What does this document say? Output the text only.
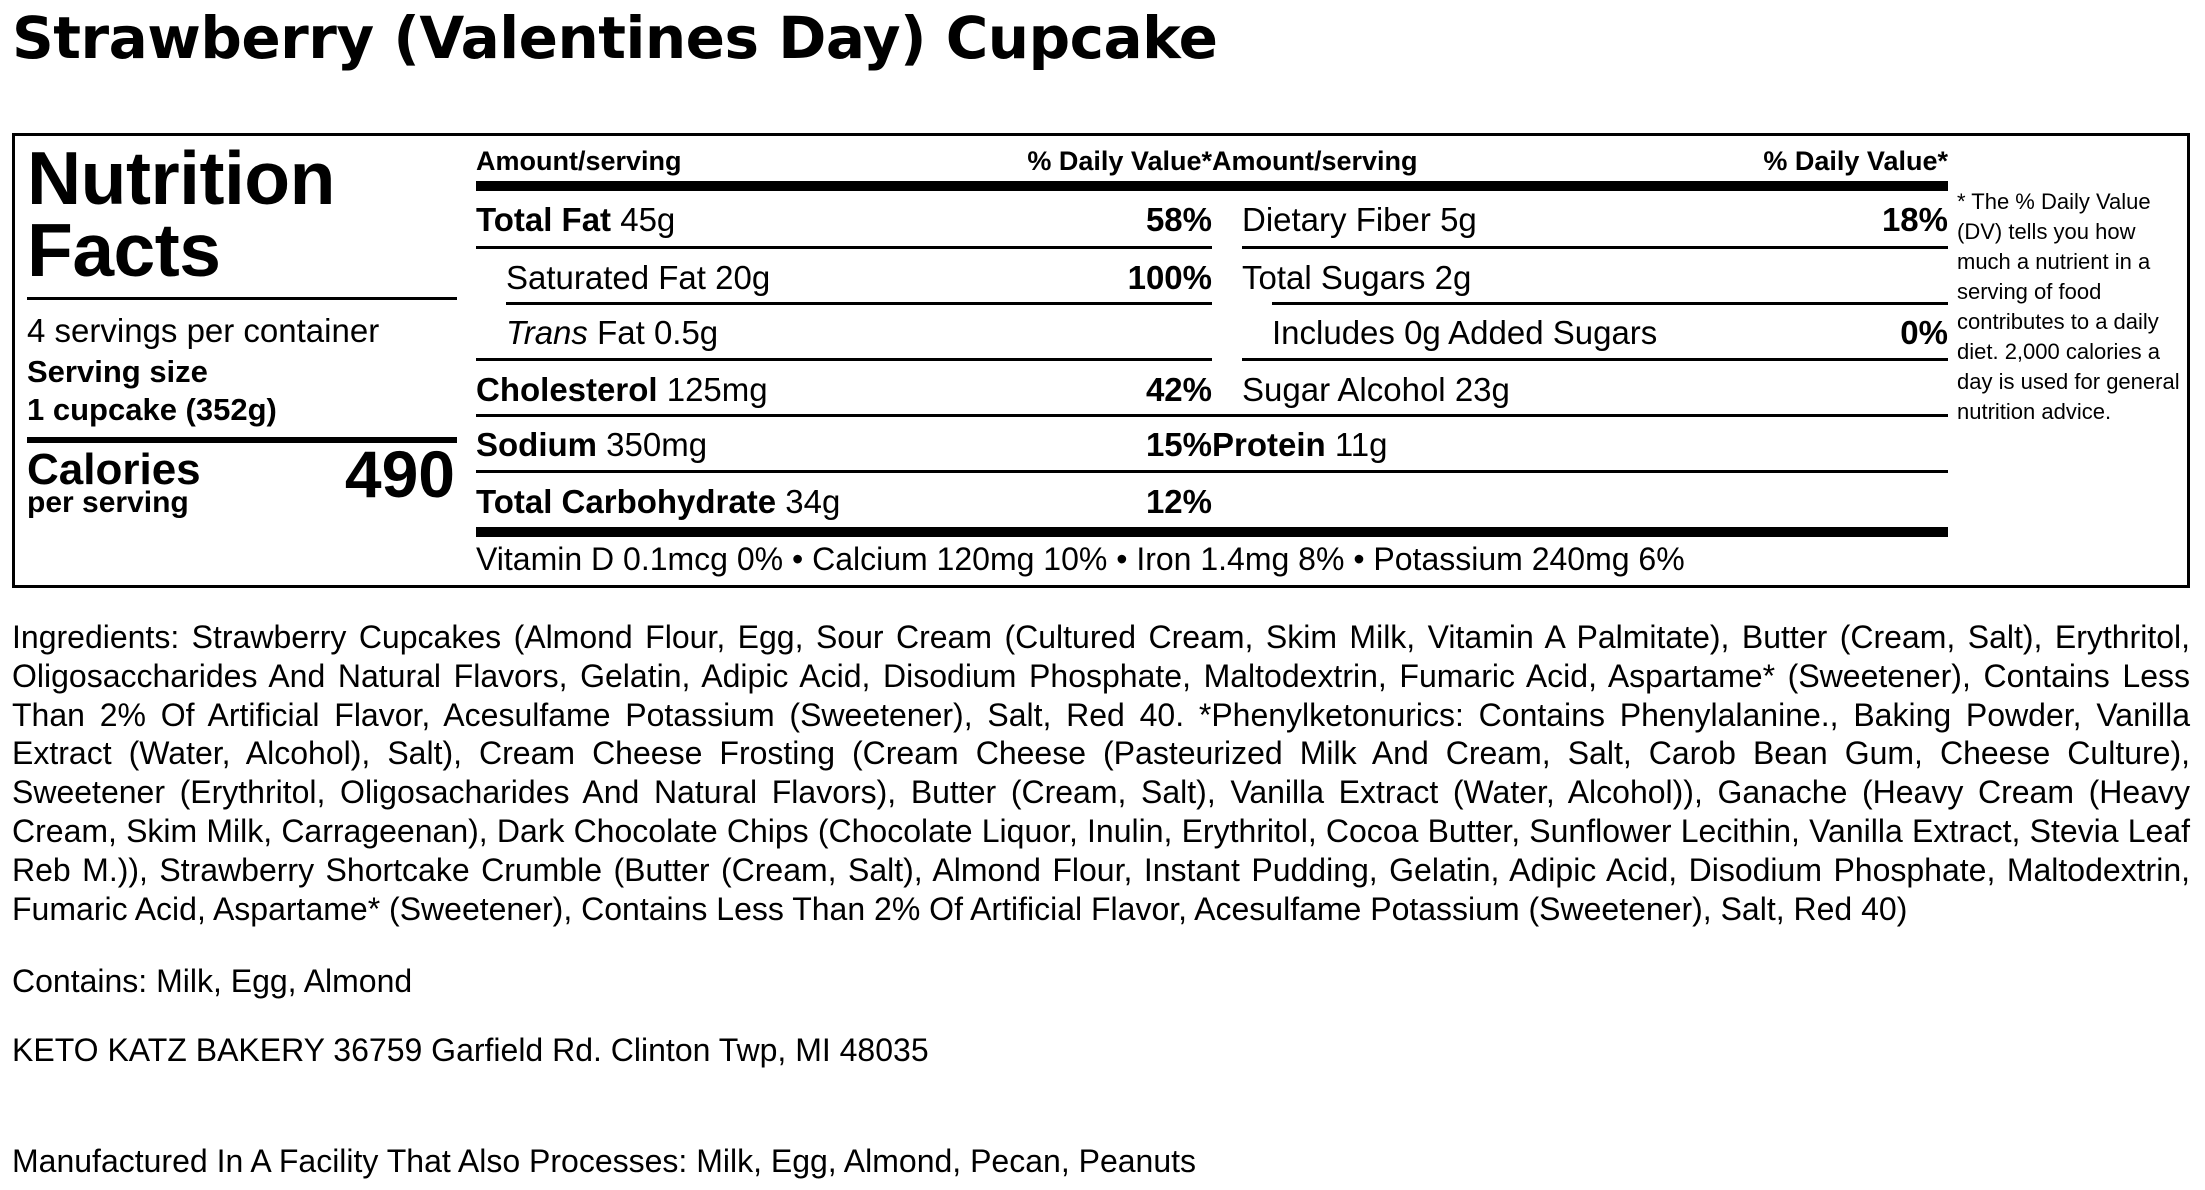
Strawberry (Valentines Day) Cupcake
Nutrition
Facts
4 servings per container
Serving size
1 cupcake (352g)
Calories
per serving	490
Amount/serving	% Daily Value*
Total Fat 45g	58%
Saturated Fat 20g	100%
Trans Fat 0.5g
Cholesterol 125mg	42%
Sodium 350mg	15%
Total Carbohydrate 34g	12%
Amount/serving	% Daily Value*
Dietary Fiber 5g	18%
Total Sugars 2g
Includes 0g Added Sugars	0%
Sugar Alcohol 23g
Protein 11g
* The % Daily Value (DV) tells you how much a nutrient in a serving of food contributes to a daily diet. 2,000 calories a day is used for general nutrition advice.
Vitamin D 0.1mcg 0% • Calcium 120mg 10% • Iron 1.4mg 8% • Potassium 240mg 6%
Ingredients: Strawberry Cupcakes (Almond Flour, Egg, Sour Cream (Cultured Cream, Skim Milk, Vitamin A Palmitate), Butter (Cream, Salt), Erythritol, Oligosaccharides And Natural Flavors, Gelatin, Adipic Acid, Disodium Phosphate, Maltodextrin, Fumaric Acid, Aspartame* (Sweetener), Contains Less Than 2% Of Artificial Flavor, Acesulfame Potassium (Sweetener), Salt, Red 40. *Phenylketonurics: Contains Phenylalanine., Baking Powder, Vanilla Extract (Water, Alcohol), Salt), Cream Cheese Frosting (Cream Cheese (Pasteurized Milk And Cream, Salt, Carob Bean Gum, Cheese Culture), Sweetener (Erythritol, Oligosacharides And Natural Flavors), Butter (Cream, Salt), Vanilla Extract (Water, Alcohol)), Ganache (Heavy Cream (Heavy Cream, Skim Milk, Carrageenan), Dark Chocolate Chips (Chocolate Liquor, Inulin, Erythritol, Cocoa Butter, Sunflower Lecithin, Vanilla Extract, Stevia Leaf Reb M.)), Strawberry Shortcake Crumble (Butter (Cream, Salt), Almond Flour, Instant Pudding, Gelatin, Adipic Acid, Disodium Phosphate, Maltodextrin, Fumaric Acid, Aspartame* (Sweetener), Contains Less Than 2% Of Artificial Flavor, Acesulfame Potassium (Sweetener), Salt, Red 40)
Contains: Milk, Egg, Almond
KETO KATZ BAKERY 36759 Garfield Rd. Clinton Twp, MI 48035
Manufactured In A Facility That Also Processes: Milk, Egg, Almond, Pecan, Peanuts
